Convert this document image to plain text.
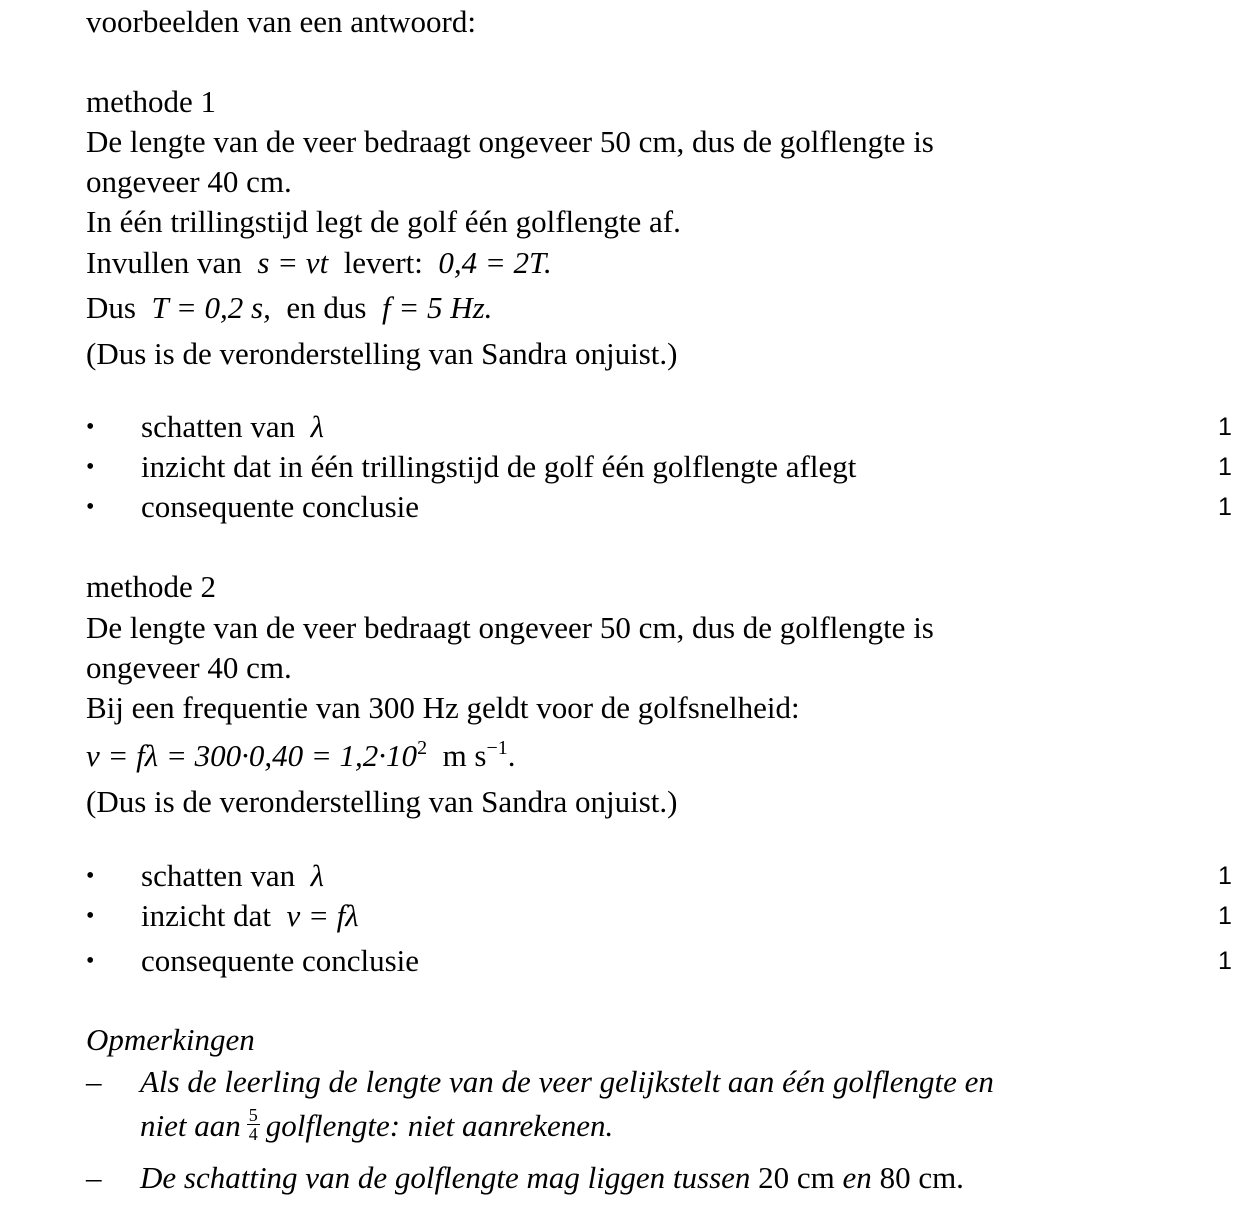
voorbeelden van een antwoord:
methode 1
De lengte van de veer bedraagt ongeveer 50 cm, dus de golflengte is
ongeveer 40 cm.
In één trillingstijd legt de golf één golflengte af.
Invullen van s = vt levert: 0,4 = 2T.
Dus T = 0,2 s, en dus f = 5 Hz.
(Dus is de veronderstelling van Sandra onjuist.)
• schatten van λ	1
• inzicht dat in één trillingstijd de golf één golflengte aflegt	1
• consequente conclusie	1
methode 2
De lengte van de veer bedraagt ongeveer 50 cm, dus de golflengte is
ongeveer 40 cm.
Bij een frequentie van 300 Hz geldt voor de golfsnelheid:
$v = f\lambda = 300\cdot 0,40 = 1,2\cdot 10^2$ m $s^{-1}$.
(Dus is de veronderstelling van Sandra onjuist.)
• schatten van λ	1
• inzicht dat v = fλ	1
• consequente conclusie	1
Opmerkingen
– Als de leerling de lengte van de veer gelijkstelt aan één golflengte en
niet aan $\frac{5}{4}$ golflengte: niet aanrekenen.
– De schatting van de golflengte mag liggen tussen 20 cm en 80 cm.
